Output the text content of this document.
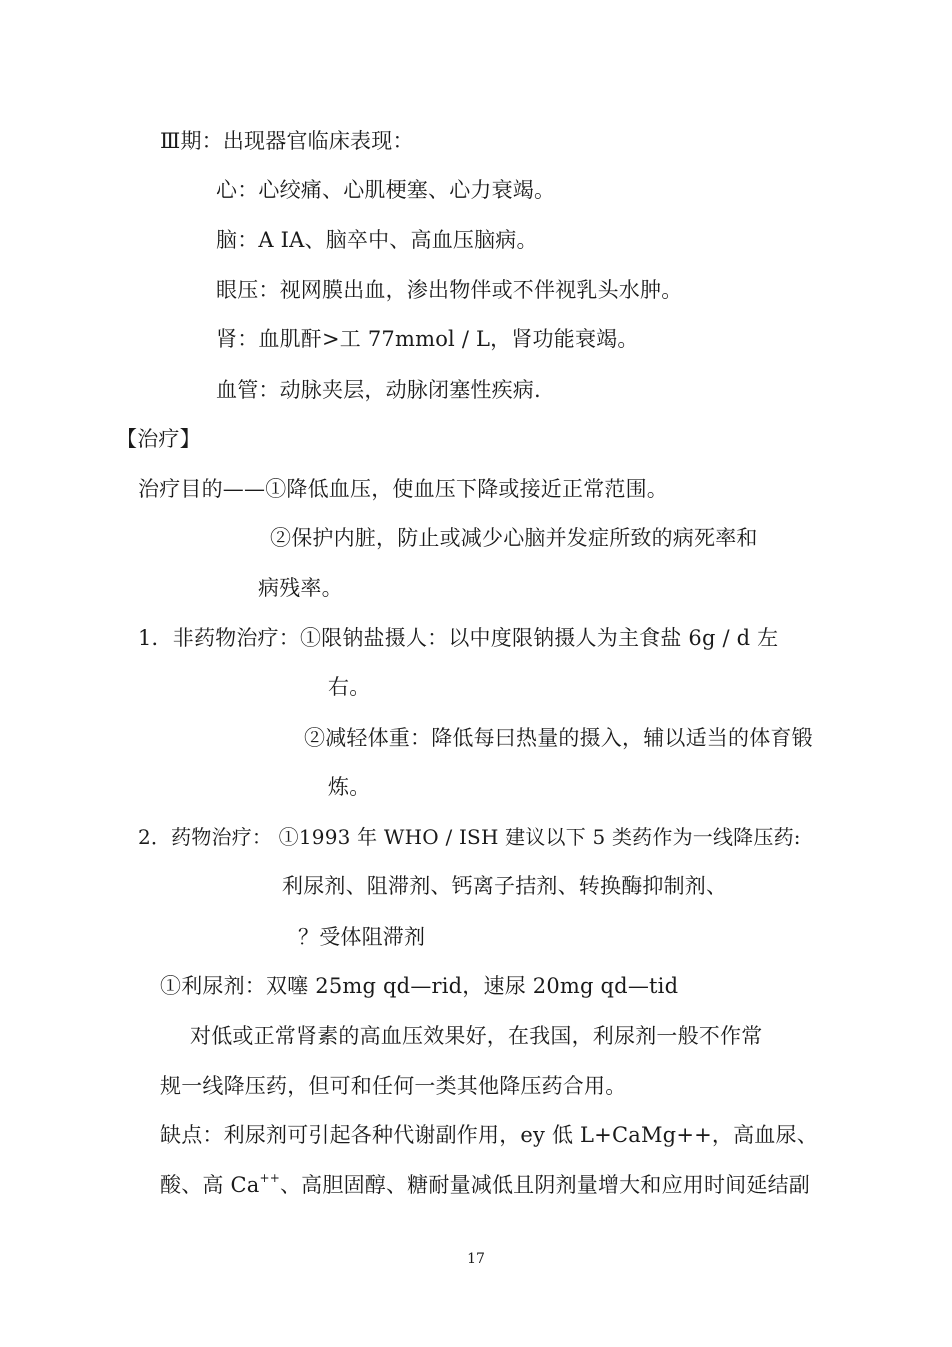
Ⅲ期：出现器官临床表现：
心：心绞痛、心肌梗塞、心力衰竭。
脑：A IA、脑卒中、高血压脑病。
眼压：视网膜出血，渗出物伴或不伴视乳头水肿。
肾：血肌酐>工 77mmol / L，肾功能衰竭。
血管：动脉夹层，动脉闭塞性疾病.
【治疗】
治疗目的——①降低血压，使血压下降或接近正常范围。
②保护内脏，防止或减少心脑并发症所致的病死率和
病残率。
1．非药物治疗：①限钠盐摄人：以中度限钠摄人为主食盐 6g / d 左
右。
②减轻体重：降低每曰热量的摄入，辅以适当的体育锻
炼。
2．药物治疗： ①1993 年 WHO / ISH 建议以下 5 类药作为一线降压药:
利尿剂、阻滞剂、钙离子拮剂、转换酶抑制剂、
？受体阻滞剂
①利尿剂：双噻 25mg qd—rid，速尿 20mg qd—tid
对低或正常肾素的高血压效果好，在我国，利尿剂一般不作常
规一线降压药，但可和任何一类其他降压药合用。
缺点：利尿剂可引起各种代谢副作用，ey 低 L+CaMg++，高血尿、
酸、高 Ca++、高胆固醇、糖耐量减低且阴剂量增大和应用时间延结副
17
